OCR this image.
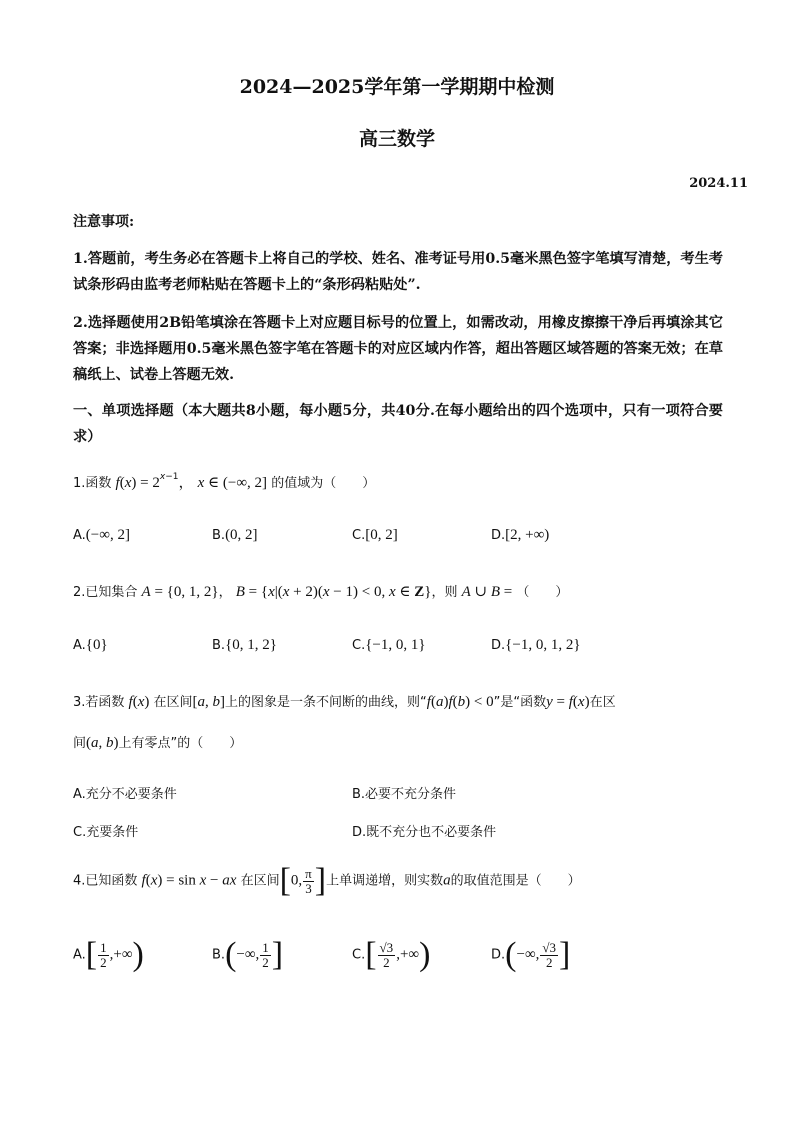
2024—2025学年第一学期期中检测
高三数学
2024.11
注意事项:
1.答题前，考生务必在答题卡上将自己的学校、姓名、准考证号用0.5毫米黑色签字笔填写清楚，考生考试条形码由监考老师粘贴在答题卡上的“条形码粘贴处”.
2.选择题使用2B铅笔填涂在答题卡上对应题目标号的位置上，如需改动，用橡皮擦擦干净后再填涂其它答案；非选择题用0.5毫米黑色签字笔在答题卡的对应区域内作答，超出答题区域答题的答案无效；在草稿纸上、试卷上答题无效.
一、单项选择题（本大题共8小题，每小题5分，共40分.在每小题给出的四个选项中，只有一项符合要求）
1.函数 $f(x) = 2^{x-1}$， x ∈ (−∞, 2] 的值域为（　　）
A.(−∞, 2]	B.(0, 2]	C.[0, 2]	D.[2, +∞)
2.已知集合 A = {0, 1, 2}， B = {x|(x + 2)(x − 1) < 0, x ∈ Z}，则 A ∪ B = （　　）
A.{0}	B.{0, 1, 2}	C.{−1, 0, 1}	D.{−1, 0, 1, 2}
3.若函数 f(x) 在区间[a, b]上的图象是一条不间断的曲线，则“f(a)f(b) < 0”是“函数y = f(x)在区
间(a, b)上有零点”的（　　）
A.充分不必要条件	B.必要不充分条件
C.充要条件	D.既不充分也不必要条件
4.已知函数 f(x) = sin x − ax 在区间[0, $\frac{\pi}{3}$ ]上单调递增，则实数a的取值范围是（　　）
$A.[ \frac{1}{2}$ ,+∞)	B.(−∞, $\frac{1}{2}$ ]	$C.[ \frac{√3}{2}$ ,+∞)	D.(−∞, $\frac{√3}{2}$ ]
